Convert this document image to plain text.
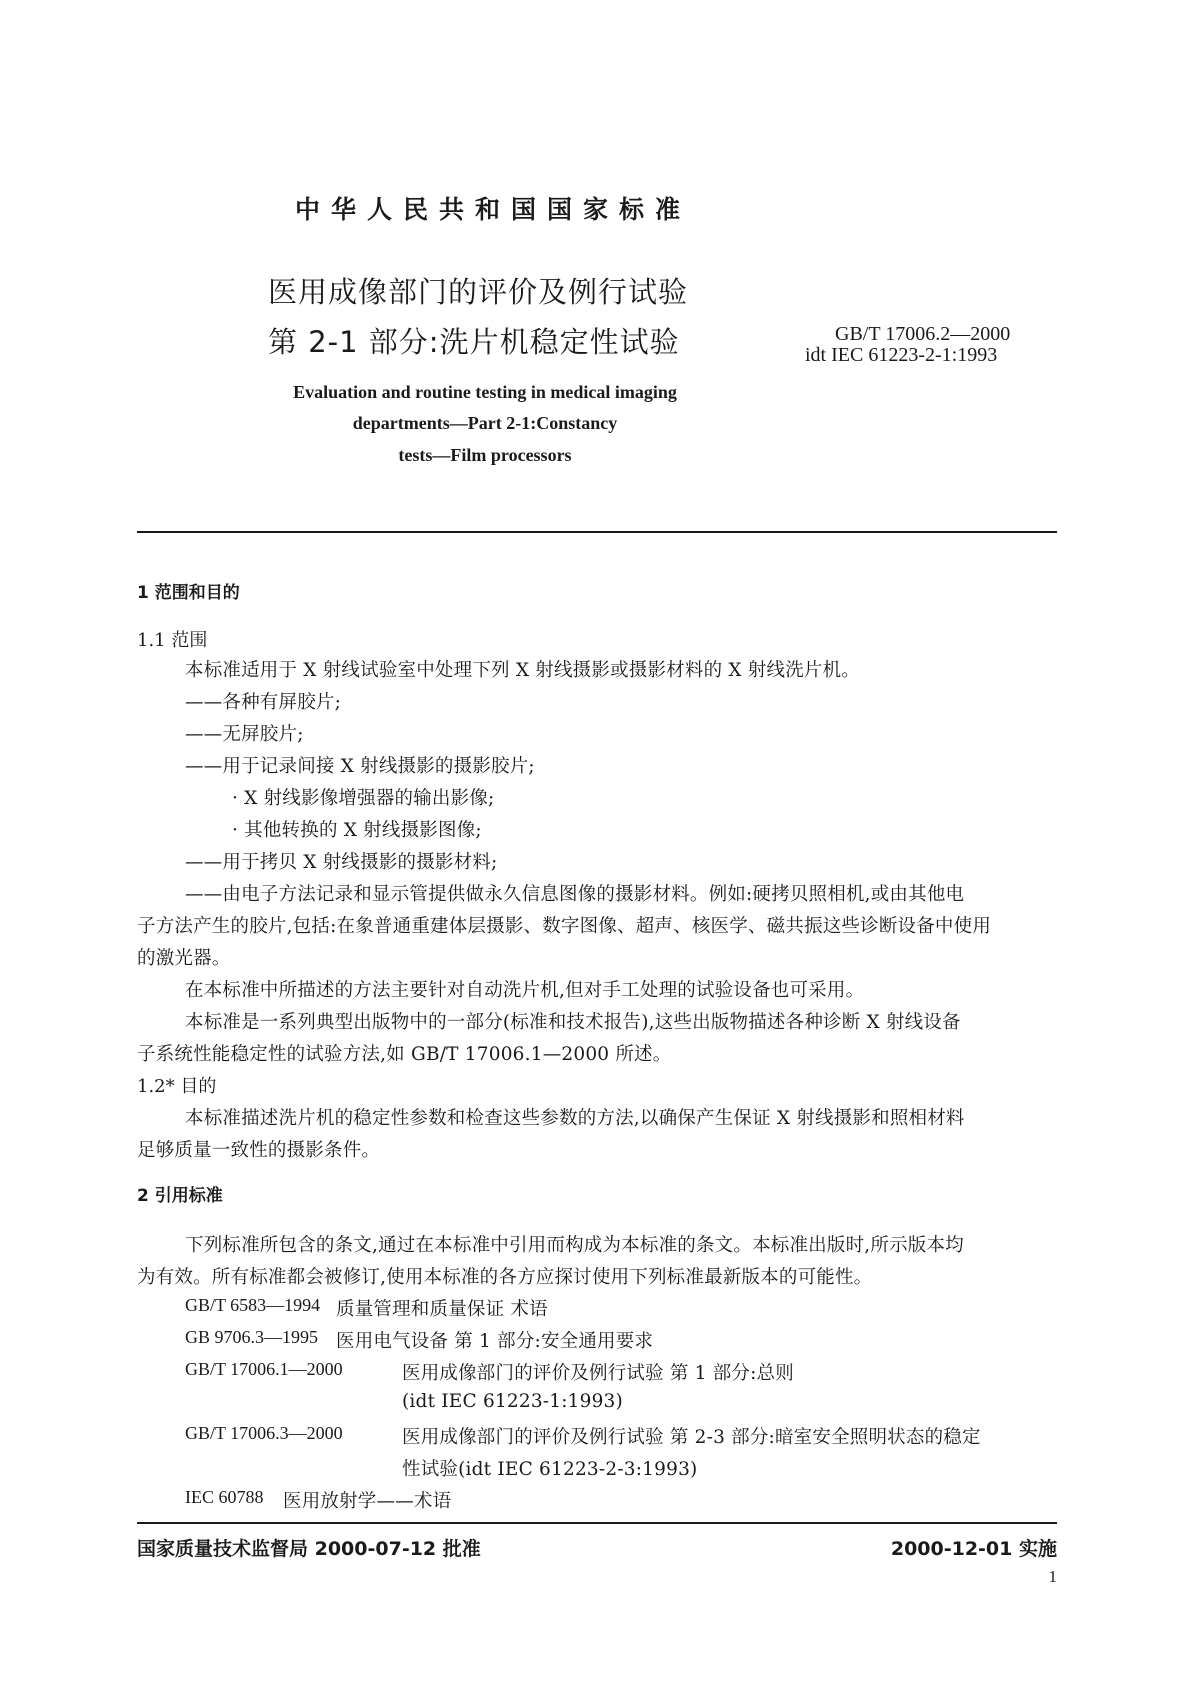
中华人民共和国国家标准
医用成像部门的评价及例行试验
第 2-1 部分:洗片机稳定性试验	GB/T 17006.2—2000
idt IEC 61223-2-1:1993
Evaluation and routine testing in medical imaging
departments—Part 2-1:Constancy
tests—Film processors
1 范围和目的
1.1 范围
本标准适用于 X 射线试验室中处理下列 X 射线摄影或摄影材料的 X 射线洗片机。
——各种有屏胶片;
——无屏胶片;
——用于记录间接 X 射线摄影的摄影胶片;
· X 射线影像增强器的输出影像;
· 其他转换的 X 射线摄影图像;
——用于拷贝 X 射线摄影的摄影材料;
——由电子方法记录和显示管提供做永久信息图像的摄影材料。例如:硬拷贝照相机,或由其他电
子方法产生的胶片,包括:在象普通重建体层摄影、数字图像、超声、核医学、磁共振这些诊断设备中使用
的激光器。
在本标准中所描述的方法主要针对自动洗片机,但对手工处理的试验设备也可采用。
本标准是一系列典型出版物中的一部分(标准和技术报告),这些出版物描述各种诊断 X 射线设备
子系统性能稳定性的试验方法,如 GB/T 17006.1—2000 所述。
1.2* 目的
本标准描述洗片机的稳定性参数和检查这些参数的方法,以确保产生保证 X 射线摄影和照相材料
足够质量一致性的摄影条件。
2 引用标准
下列标准所包含的条文,通过在本标准中引用而构成为本标准的条文。本标准出版时,所示版本均
为有效。所有标准都会被修订,使用本标准的各方应探讨使用下列标准最新版本的可能性。
GB/T 6583—1994 质量管理和质量保证 术语
GB 9706.3—1995 医用电气设备 第 1 部分:安全通用要求
GB/T 17006.1—2000	医用成像部门的评价及例行试验 第 1 部分:总则
(idt IEC 61223-1:1993)
GB/T 17006.3—2000	医用成像部门的评价及例行试验 第 2-3 部分:暗室安全照明状态的稳定
性试验(idt IEC 61223-2-3:1993)
IEC 60788 医用放射学——术语
国家质量技术监督局 2000-07-12 批准	2000-12-01 实施
1
